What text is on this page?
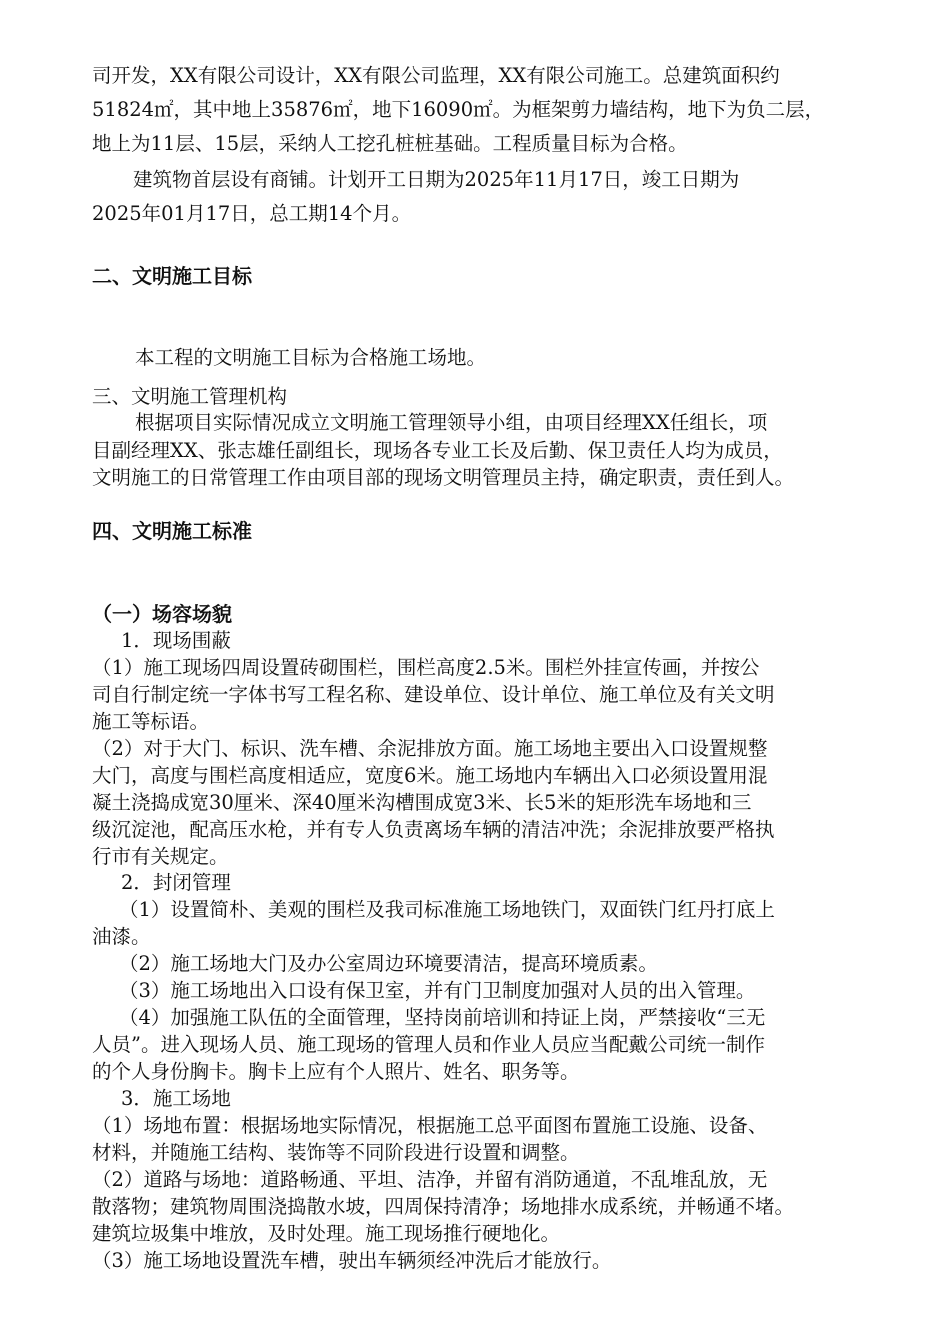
司开发，XX有限公司设计，XX有限公司监理，XX有限公司施工。总建筑面积约
51824㎡，其中地上35876㎡，地下16090㎡。为框架剪力墙结构，地下为负二层，
地上为11层、15层，采纳人工挖孔桩桩基础。工程质量目标为合格。
建筑物首层设有商铺。计划开工日期为2025年11月17日，竣工日期为
2025年01月17日，总工期14个月。
二、文明施工目标
本工程的文明施工目标为合格施工场地。
三、文明施工管理机构
根据项目实际情况成立文明施工管理领导小组，由项目经理XX任组长，项
目副经理XX、张志雄任副组长，现场各专业工长及后勤、保卫责任人均为成员，
文明施工的日常管理工作由项目部的现场文明管理员主持，确定职责，责任到人。
四、文明施工标准
（一）场容场貌
1．现场围蔽
（1）施工现场四周设置砖砌围栏，围栏高度2.5米。围栏外挂宣传画，并按公
司自行制定统一字体书写工程名称、建设单位、设计单位、施工单位及有关文明
施工等标语。
（2）对于大门、标识、洗车槽、余泥排放方面。施工场地主要出入口设置规整
大门，高度与围栏高度相适应，宽度6米。施工场地内车辆出入口必须设置用混
凝土浇捣成宽30厘米、深40厘米沟槽围成宽3米、长5米的矩形洗车场地和三
级沉淀池，配高压水枪，并有专人负责离场车辆的清洁冲洗；余泥排放要严格执
行市有关规定。
2．封闭管理
（1）设置简朴、美观的围栏及我司标准施工场地铁门，双面铁门红丹打底上
油漆。
（2）施工场地大门及办公室周边环境要清洁，提高环境质素。
（3）施工场地出入口设有保卫室，并有门卫制度加强对人员的出入管理。
（4）加强施工队伍的全面管理，坚持岗前培训和持证上岗，严禁接收“三无
人员”。进入现场人员、施工现场的管理人员和作业人员应当配戴公司统一制作
的个人身份胸卡。胸卡上应有个人照片、姓名、职务等。
3．施工场地
（1）场地布置：根据场地实际情况，根据施工总平面图布置施工设施、设备、
材料，并随施工结构、装饰等不同阶段进行设置和调整。
（2）道路与场地：道路畅通、平坦、洁净，并留有消防通道，不乱堆乱放，无
散落物；建筑物周围浇捣散水坡，四周保持清净；场地排水成系统，并畅通不堵。
建筑垃圾集中堆放，及时处理。施工现场推行硬地化。
（3）施工场地设置洗车槽，驶出车辆须经冲洗后才能放行。
